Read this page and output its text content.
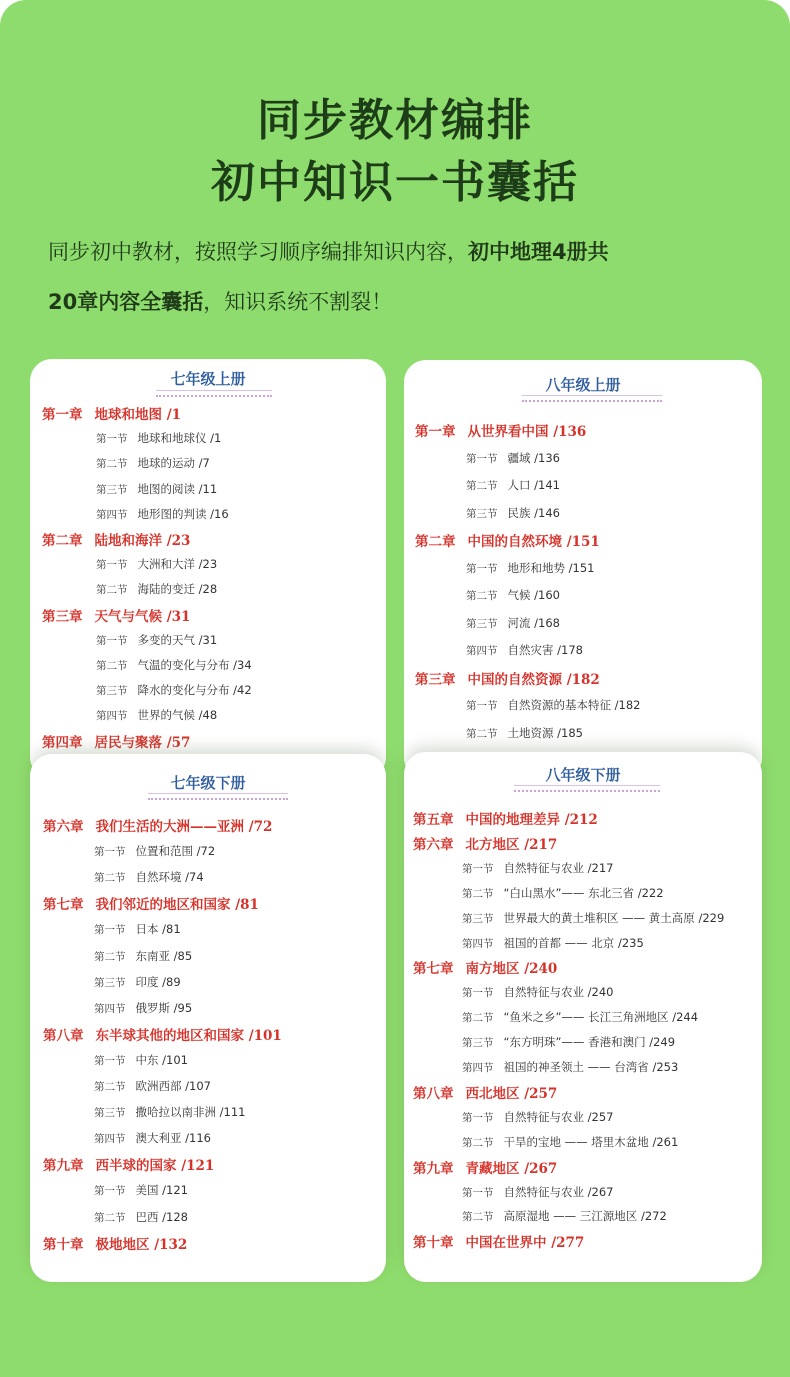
同步教材编排
初中知识一书囊括
同步初中教材，按照学习顺序编排知识内容，初中地理4册共
20章内容全囊括，知识系统不割裂！
七年级上册
第一章 地球和地图 /1
第一节 地球和地球仪 /1
第二节 地球的运动 /7
第三节 地图的阅读 /11
第四节 地形图的判读 /16
第二章 陆地和海洋 /23
第一节 大洲和大洋 /23
第二节 海陆的变迁 /28
第三章 天气与气候 /31
第一节 多变的天气 /31
第二节 气温的变化与分布 /34
第三节 降水的变化与分布 /42
第四节 世界的气候 /48
第四章 居民与聚落 /57
八年级上册
第一章 从世界看中国 /136
第一节 疆域 /136
第二节 人口 /141
第三节 民族 /146
第二章 中国的自然环境 /151
第一节 地形和地势 /151
第二节 气候 /160
第三节 河流 /168
第四节 自然灾害 /178
第三章 中国的自然资源 /182
第一节 自然资源的基本特征 /182
第二节 土地资源 /185
七年级下册
第六章 我们生活的大洲——亚洲 /72
第一节 位置和范围 /72
第二节 自然环境 /74
第七章 我们邻近的地区和国家 /81
第一节 日本 /81
第二节 东南亚 /85
第三节 印度 /89
第四节 俄罗斯 /95
第八章 东半球其他的地区和国家 /101
第一节 中东 /101
第二节 欧洲西部 /107
第三节 撒哈拉以南非洲 /111
第四节 澳大利亚 /116
第九章 西半球的国家 /121
第一节 美国 /121
第二节 巴西 /128
第十章 极地地区 /132
八年级下册
第五章 中国的地理差异 /212
第六章 北方地区 /217
第一节 自然特征与农业 /217
第二节 “白山黑水”—— 东北三省 /222
第三节 世界最大的黄土堆积区 —— 黄土高原 /229
第四节 祖国的首都 —— 北京 /235
第七章 南方地区 /240
第一节 自然特征与农业 /240
第二节 “鱼米之乡”—— 长江三角洲地区 /244
第三节 “东方明珠”—— 香港和澳门 /249
第四节 祖国的神圣领土 —— 台湾省 /253
第八章 西北地区 /257
第一节 自然特征与农业 /257
第二节 干旱的宝地 —— 塔里木盆地 /261
第九章 青藏地区 /267
第一节 自然特征与农业 /267
第二节 高原湿地 —— 三江源地区 /272
第十章 中国在世界中 /277
